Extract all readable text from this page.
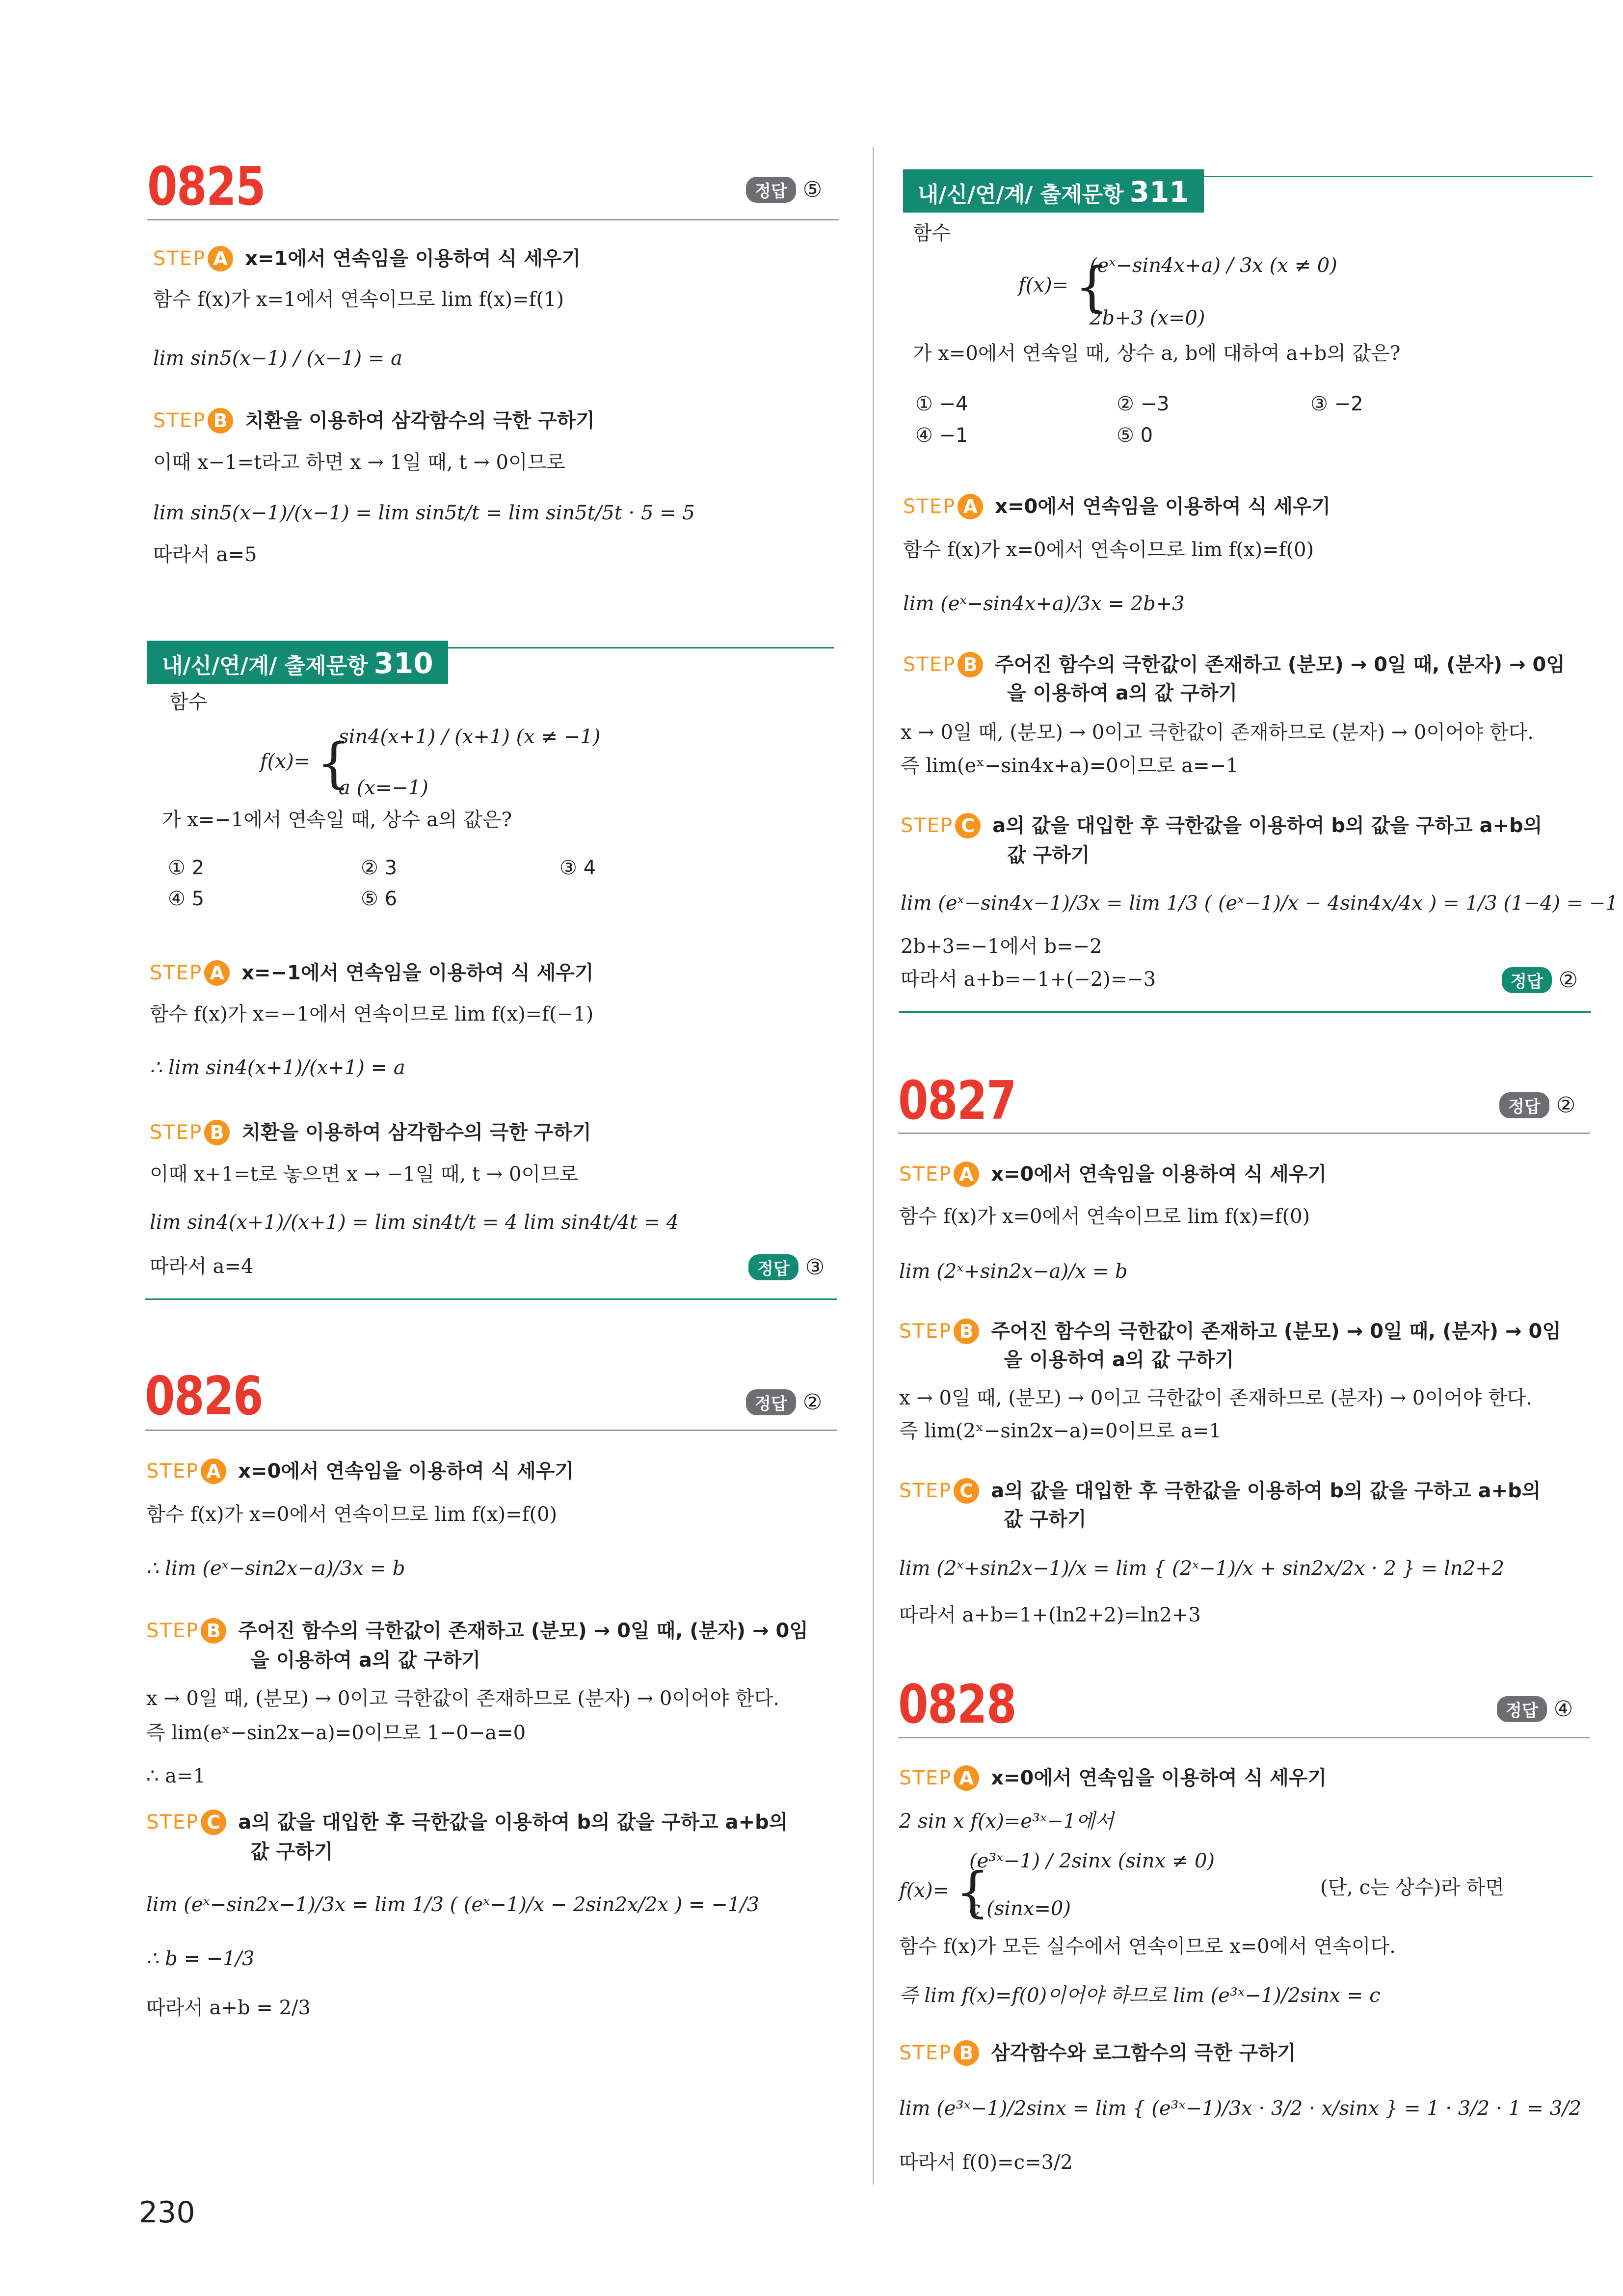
0825	정답 ⑤
STEP A x=1에서 연속임을 이용하여 식 세우기
함수 f(x)가 x=1에서 연속이므로 lim f(x)=f(1)
lim sin5(x−1) / (x−1) = a
STEP B 치환을 이용하여 삼각함수의 극한 구하기
이때 x−1=t라고 하면 x → 1일 때, t → 0이므로
lim sin5(x−1)/(x−1) = lim sin5t/t = lim sin5t/5t · 5 = 5
따라서 a=5
내/신/연/계/ 출제문항 310
함수
f(x)= {
sin4(x+1) / (x+1) (x ≠ −1)
a (x=−1)
가 x=−1에서 연속일 때, 상수 a의 값은?
① 2	② 3	③ 4
④ 5	⑤ 6
STEP A x=−1에서 연속임을 이용하여 식 세우기
함수 f(x)가 x=−1에서 연속이므로 lim f(x)=f(−1)
∴ lim sin4(x+1)/(x+1) = a
STEP B 치환을 이용하여 삼각함수의 극한 구하기
이때 x+1=t로 놓으면 x → −1일 때, t → 0이므로
lim sin4(x+1)/(x+1) = lim sin4t/t = 4 lim sin4t/4t = 4
따라서 a=4	정답 ③
0826	정답 ②
STEP A x=0에서 연속임을 이용하여 식 세우기
함수 f(x)가 x=0에서 연속이므로 lim f(x)=f(0)
∴ lim (eˣ−sin2x−a)/3x = b
STEP B 주어진 함수의 극한값이 존재하고 (분모) → 0일 때, (분자) → 0임
을 이용하여 a의 값 구하기
x → 0일 때, (분모) → 0이고 극한값이 존재하므로 (분자) → 0이어야 한다.
즉 lim(eˣ−sin2x−a)=0이므로 1−0−a=0
∴ a=1
STEP C a의 값을 대입한 후 극한값을 이용하여 b의 값을 구하고 a+b의
값 구하기
lim (eˣ−sin2x−1)/3x = lim 1/3 ( (eˣ−1)/x − 2sin2x/2x ) = −1/3
∴ b = −1/3
따라서 a+b = 2/3
내/신/연/계/ 출제문항 311
함수
f(x)= {
(eˣ−sin4x+a) / 3x (x ≠ 0)
2b+3 (x=0)
가 x=0에서 연속일 때, 상수 a, b에 대하여 a+b의 값은?
① −4	② −3	③ −2
④ −1	⑤ 0
STEP A x=0에서 연속임을 이용하여 식 세우기
함수 f(x)가 x=0에서 연속이므로 lim f(x)=f(0)
lim (eˣ−sin4x+a)/3x = 2b+3
STEP B 주어진 함수의 극한값이 존재하고 (분모) → 0일 때, (분자) → 0임
을 이용하여 a의 값 구하기
x → 0일 때, (분모) → 0이고 극한값이 존재하므로 (분자) → 0이어야 한다.
즉 lim(eˣ−sin4x+a)=0이므로 a=−1
STEP C a의 값을 대입한 후 극한값을 이용하여 b의 값을 구하고 a+b의
값 구하기
lim (eˣ−sin4x−1)/3x = lim 1/3 ( (eˣ−1)/x − 4sin4x/4x ) = 1/3 (1−4) = −1
2b+3=−1에서 b=−2
따라서 a+b=−1+(−2)=−3	정답 ②
0827	정답 ②
STEP A x=0에서 연속임을 이용하여 식 세우기
함수 f(x)가 x=0에서 연속이므로 lim f(x)=f(0)
lim (2ˣ+sin2x−a)/x = b
STEP B 주어진 함수의 극한값이 존재하고 (분모) → 0일 때, (분자) → 0임
을 이용하여 a의 값 구하기
x → 0일 때, (분모) → 0이고 극한값이 존재하므로 (분자) → 0이어야 한다.
즉 lim(2ˣ−sin2x−a)=0이므로 a=1
STEP C a의 값을 대입한 후 극한값을 이용하여 b의 값을 구하고 a+b의
값 구하기
lim (2ˣ+sin2x−1)/x = lim { (2ˣ−1)/x + sin2x/2x · 2 } = ln2+2
따라서 a+b=1+(ln2+2)=ln2+3
0828	정답 ④
STEP A x=0에서 연속임을 이용하여 식 세우기
2 sin x f(x)=e³ˣ−1에서
f(x)= {
(e³ˣ−1) / 2sinx (sinx ≠ 0)
c (sinx=0)
(단, c는 상수)라 하면
함수 f(x)가 모든 실수에서 연속이므로 x=0에서 연속이다.
즉 lim f(x)=f(0)이어야 하므로 lim (e³ˣ−1)/2sinx = c
STEP B 삼각함수와 로그함수의 극한 구하기
lim (e³ˣ−1)/2sinx = lim { (e³ˣ−1)/3x · 3/2 · x/sinx } = 1 · 3/2 · 1 = 3/2
따라서 f(0)=c=3/2
230
